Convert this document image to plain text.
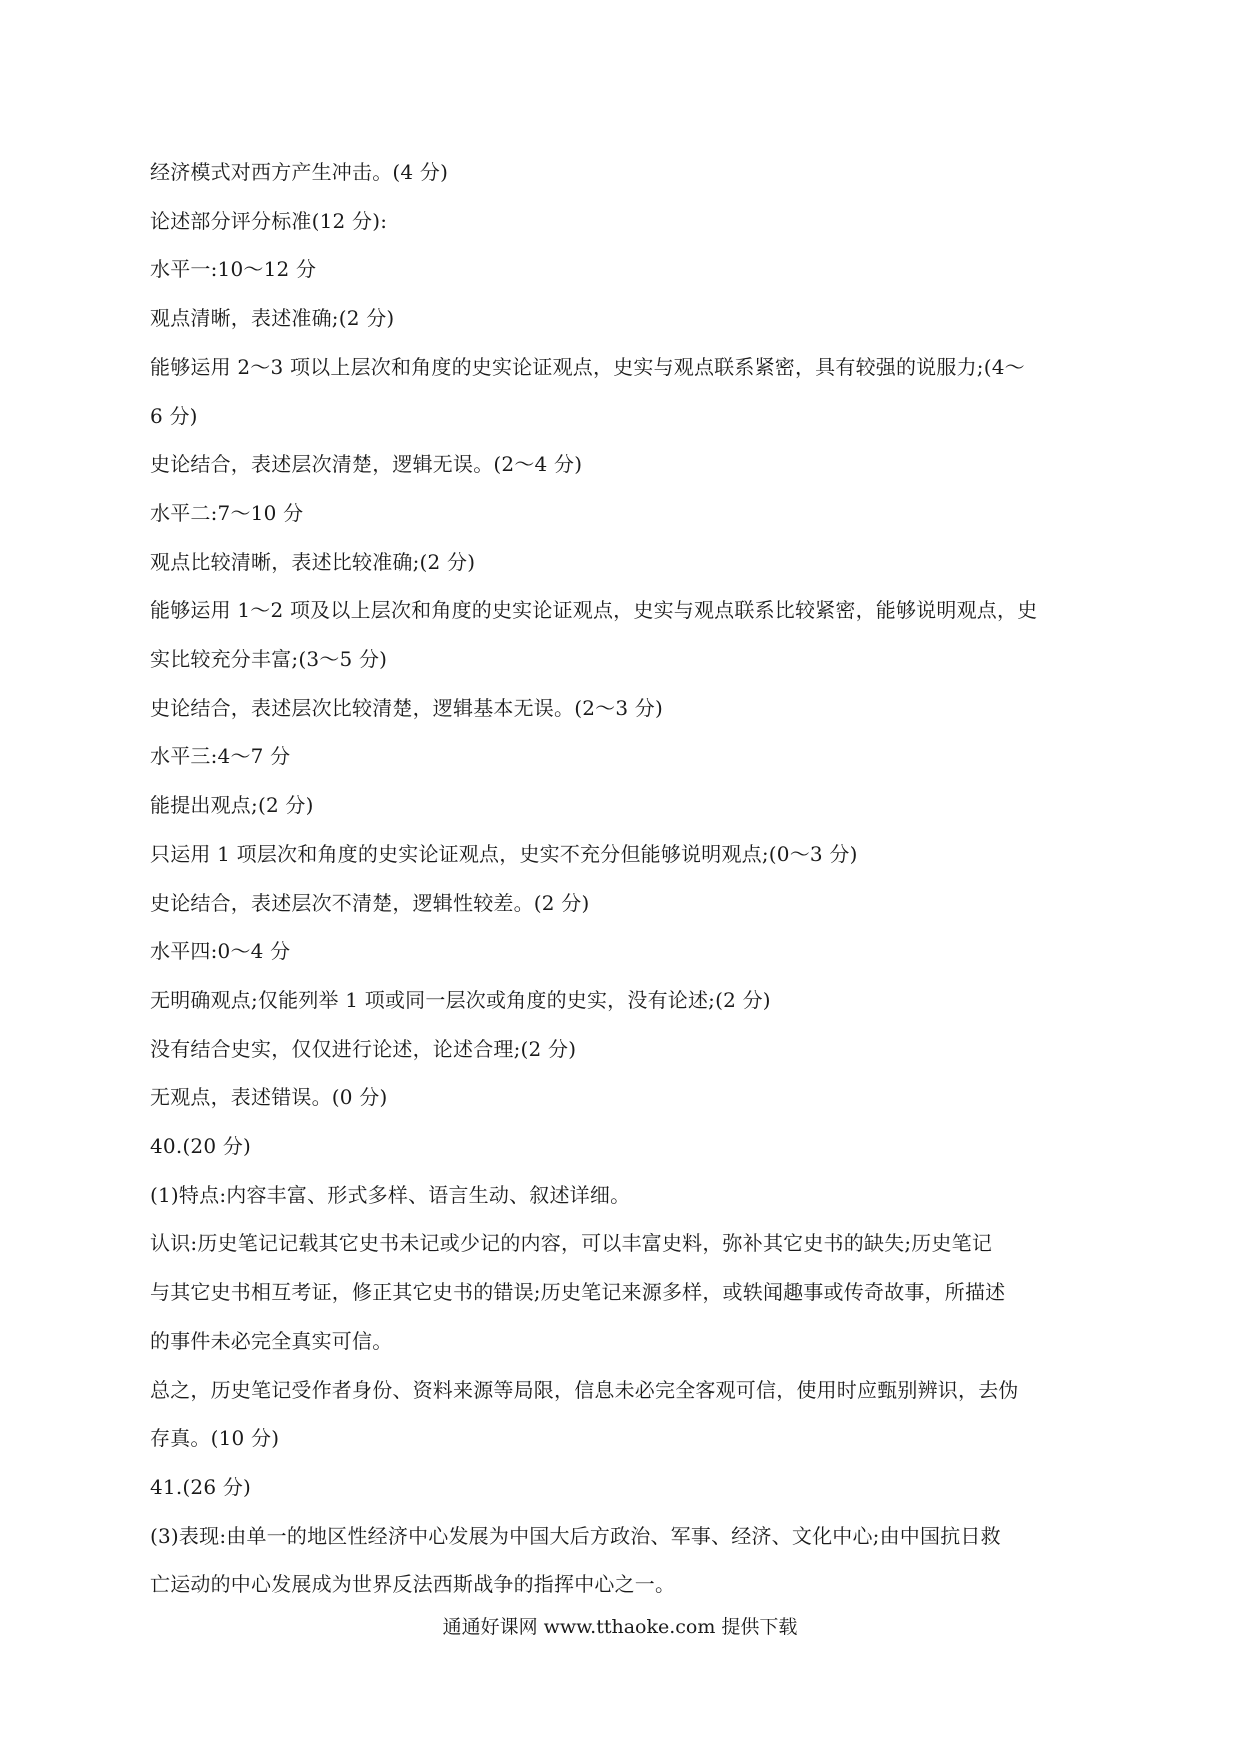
经济模式对西方产生冲击。(4 分)
论述部分评分标准(12 分):
水平一:10～12 分
观点清晰，表述准确;(2 分)
能够运用 2～3 项以上层次和角度的史实论证观点，史实与观点联系紧密，具有较强的说服力;(4～
6 分)
史论结合，表述层次清楚，逻辑无误。(2～4 分)
水平二:7～10 分
观点比较清晰，表述比较准确;(2 分)
能够运用 1～2 项及以上层次和角度的史实论证观点，史实与观点联系比较紧密，能够说明观点，史
实比较充分丰富;(3～5 分)
史论结合，表述层次比较清楚，逻辑基本无误。(2～3 分)
水平三:4～7 分
能提出观点;(2 分)
只运用 1 项层次和角度的史实论证观点，史实不充分但能够说明观点;(0～3 分)
史论结合，表述层次不清楚，逻辑性较差。(2 分)
水平四:0～4 分
无明确观点;仅能列举 1 项或同一层次或角度的史实，没有论述;(2 分)
没有结合史实，仅仅进行论述，论述合理;(2 分)
无观点，表述错误。(0 分)
40.(20 分)
(1)特点:内容丰富、形式多样、语言生动、叙述详细。
认识:历史笔记记载其它史书未记或少记的内容，可以丰富史料，弥补其它史书的缺失;历史笔记
与其它史书相互考证，修正其它史书的错误;历史笔记来源多样，或轶闻趣事或传奇故事，所描述
的事件未必完全真实可信。
总之，历史笔记受作者身份、资料来源等局限，信息未必完全客观可信，使用时应甄别辨识，去伪
存真。(10 分)
41.(26 分)
(3)表现:由单一的地区性经济中心发展为中国大后方政治、军事、经济、文化中心;由中国抗日救
亡运动的中心发展成为世界反法西斯战争的指挥中心之一。
通通好课网 www.tthaoke.com 提供下载
